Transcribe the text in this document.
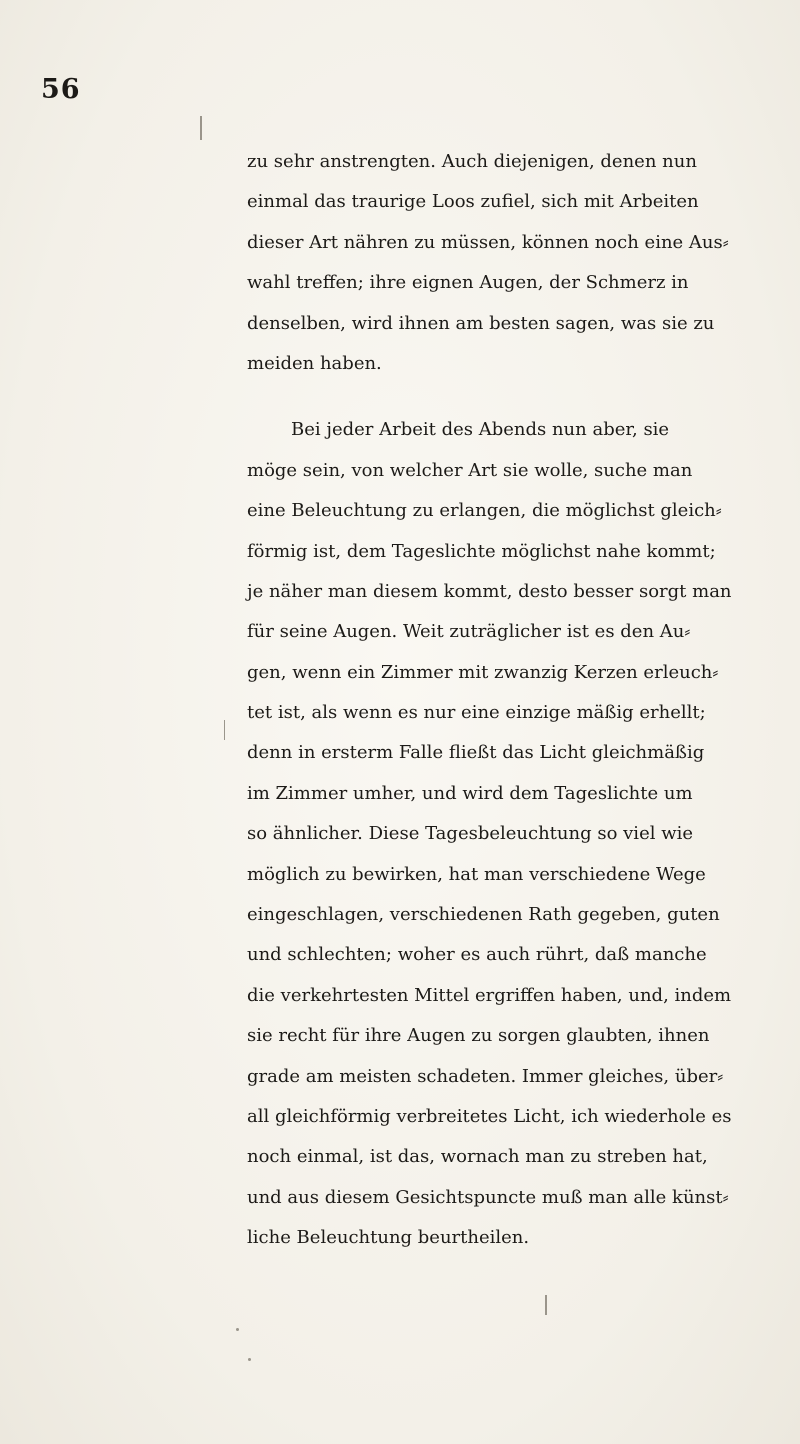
56
zu sehr anstrengten. Auch diejenigen, denen nun
einmal das traurige Loos zufiel, sich mit Arbeiten
dieser Art nähren zu müssen, können noch eine Aus⸗
wahl treffen; ihre eignen Augen, der Schmerz in
denselben, wird ihnen am besten sagen, was sie zu
meiden haben.
Bei jeder Arbeit des Abends nun aber, sie
möge sein, von welcher Art sie wolle, suche man
eine Beleuchtung zu erlangen, die möglichst gleich⸗
förmig ist, dem Tageslichte möglichst nahe kommt;
je näher man diesem kommt, desto besser sorgt man
für seine Augen. Weit zuträglicher ist es den Au⸗
gen, wenn ein Zimmer mit zwanzig Kerzen erleuch⸗
tet ist, als wenn es nur eine einzige mäßig erhellt;
denn in ersterm Falle fließt das Licht gleichmäßig
im Zimmer umher, und wird dem Tageslichte um
so ähnlicher. Diese Tagesbeleuchtung so viel wie
möglich zu bewirken, hat man verschiedene Wege
eingeschlagen, verschiedenen Rath gegeben, guten
und schlechten; woher es auch rührt, daß manche
die verkehrtesten Mittel ergriffen haben, und, indem
sie recht für ihre Augen zu sorgen glaubten, ihnen
grade am meisten schadeten. Immer gleiches, über⸗
all gleichförmig verbreitetes Licht, ich wiederhole es
noch einmal, ist das, wornach man zu streben hat,
und aus diesem Gesichtspuncte muß man alle künst⸗
liche Beleuchtung beurtheilen.
